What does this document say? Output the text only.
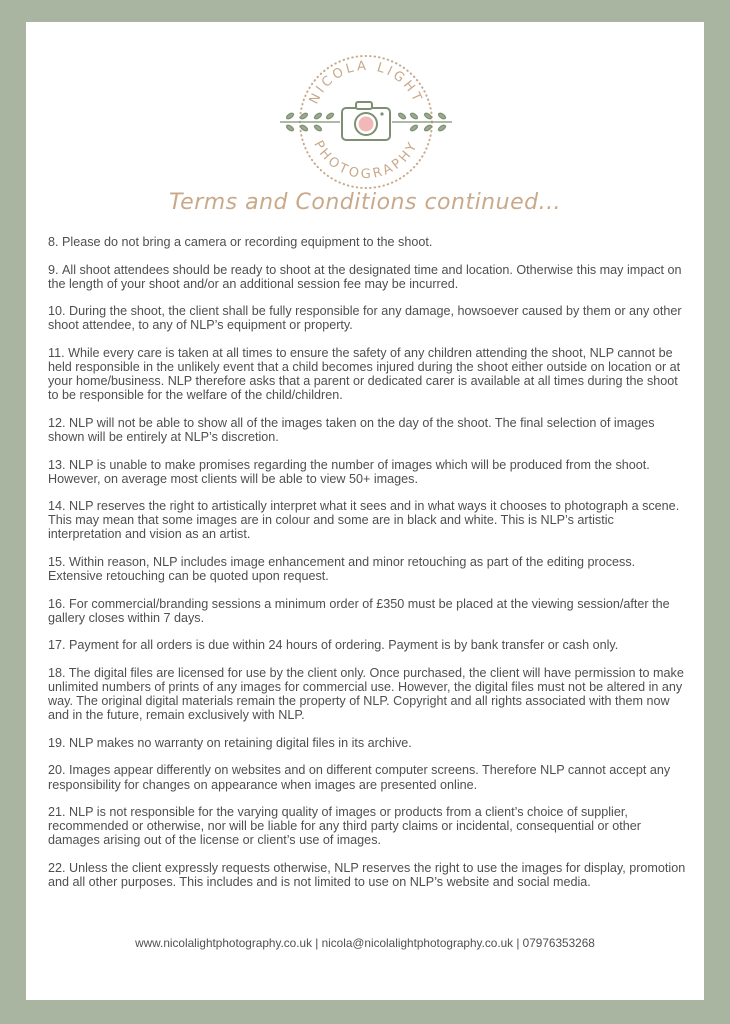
NICOLA LIGHT
PHOTOGRAPHY
Terms and Conditions continued...

8. Please do not bring a camera or recording equipment to the shoot.

9. All shoot attendees should be ready to shoot at the designated time and location. Otherwise this may impact on the length of your shoot and/or an additional session fee may be incurred.

10. During the shoot, the client shall be fully responsible for any damage, howsoever caused by them or any other shoot attendee, to any of NLP’s equipment or property.

11. While every care is taken at all times to ensure the safety of any children attending the shoot, NLP cannot be held responsible in the unlikely event that a child becomes injured during the shoot either outside on location or at your home/business. NLP therefore asks that a parent or dedicated carer is available at all times during the shoot to be responsible for the welfare of the child/children.

12. NLP will not be able to show all of the images taken on the day of the shoot. The final selection of images shown will be entirely at NLP’s discretion.

13. NLP is unable to make promises regarding the number of images which will be produced from the shoot. However, on average most clients will be able to view 50+ images.

14. NLP reserves the right to artistically interpret what it sees and in what ways it chooses to photograph a scene. This may mean that some images are in colour and some are in black and white. This is NLP’s artistic interpretation and vision as an artist.

15. Within reason, NLP includes image enhancement and minor retouching as part of the editing process. Extensive retouching can be quoted upon request.

16. For commercial/branding sessions a minimum order of £350 must be placed at the viewing session/after the gallery closes within 7 days.

17. Payment for all orders is due within 24 hours of ordering. Payment is by bank transfer or cash only.

18. The digital files are licensed for use by the client only. Once purchased, the client will have permission to make unlimited numbers of prints of any images for commercial use. However, the digital files must not be altered in any way. The original digital materials remain the property of NLP. Copyright and all rights associated with them now and in the future, remain exclusively with NLP.

19. NLP makes no warranty on retaining digital files in its archive.

20. Images appear differently on websites and on different computer screens. Therefore NLP cannot accept any responsibility for changes on appearance when images are presented online.

21. NLP is not responsible for the varying quality of images or products from a client’s choice of supplier, recommended or otherwise, nor will be liable for any third party claims or incidental, consequential or other damages arising out of the license or client’s use of images.

22. Unless the client expressly requests otherwise, NLP reserves the right to use the images for display, promotion and all other purposes. This includes and is not limited to use on NLP’s website and social media.

www.nicolalightphotography.co.uk | nicola@nicolalightphotography.co.uk | 07976353268
